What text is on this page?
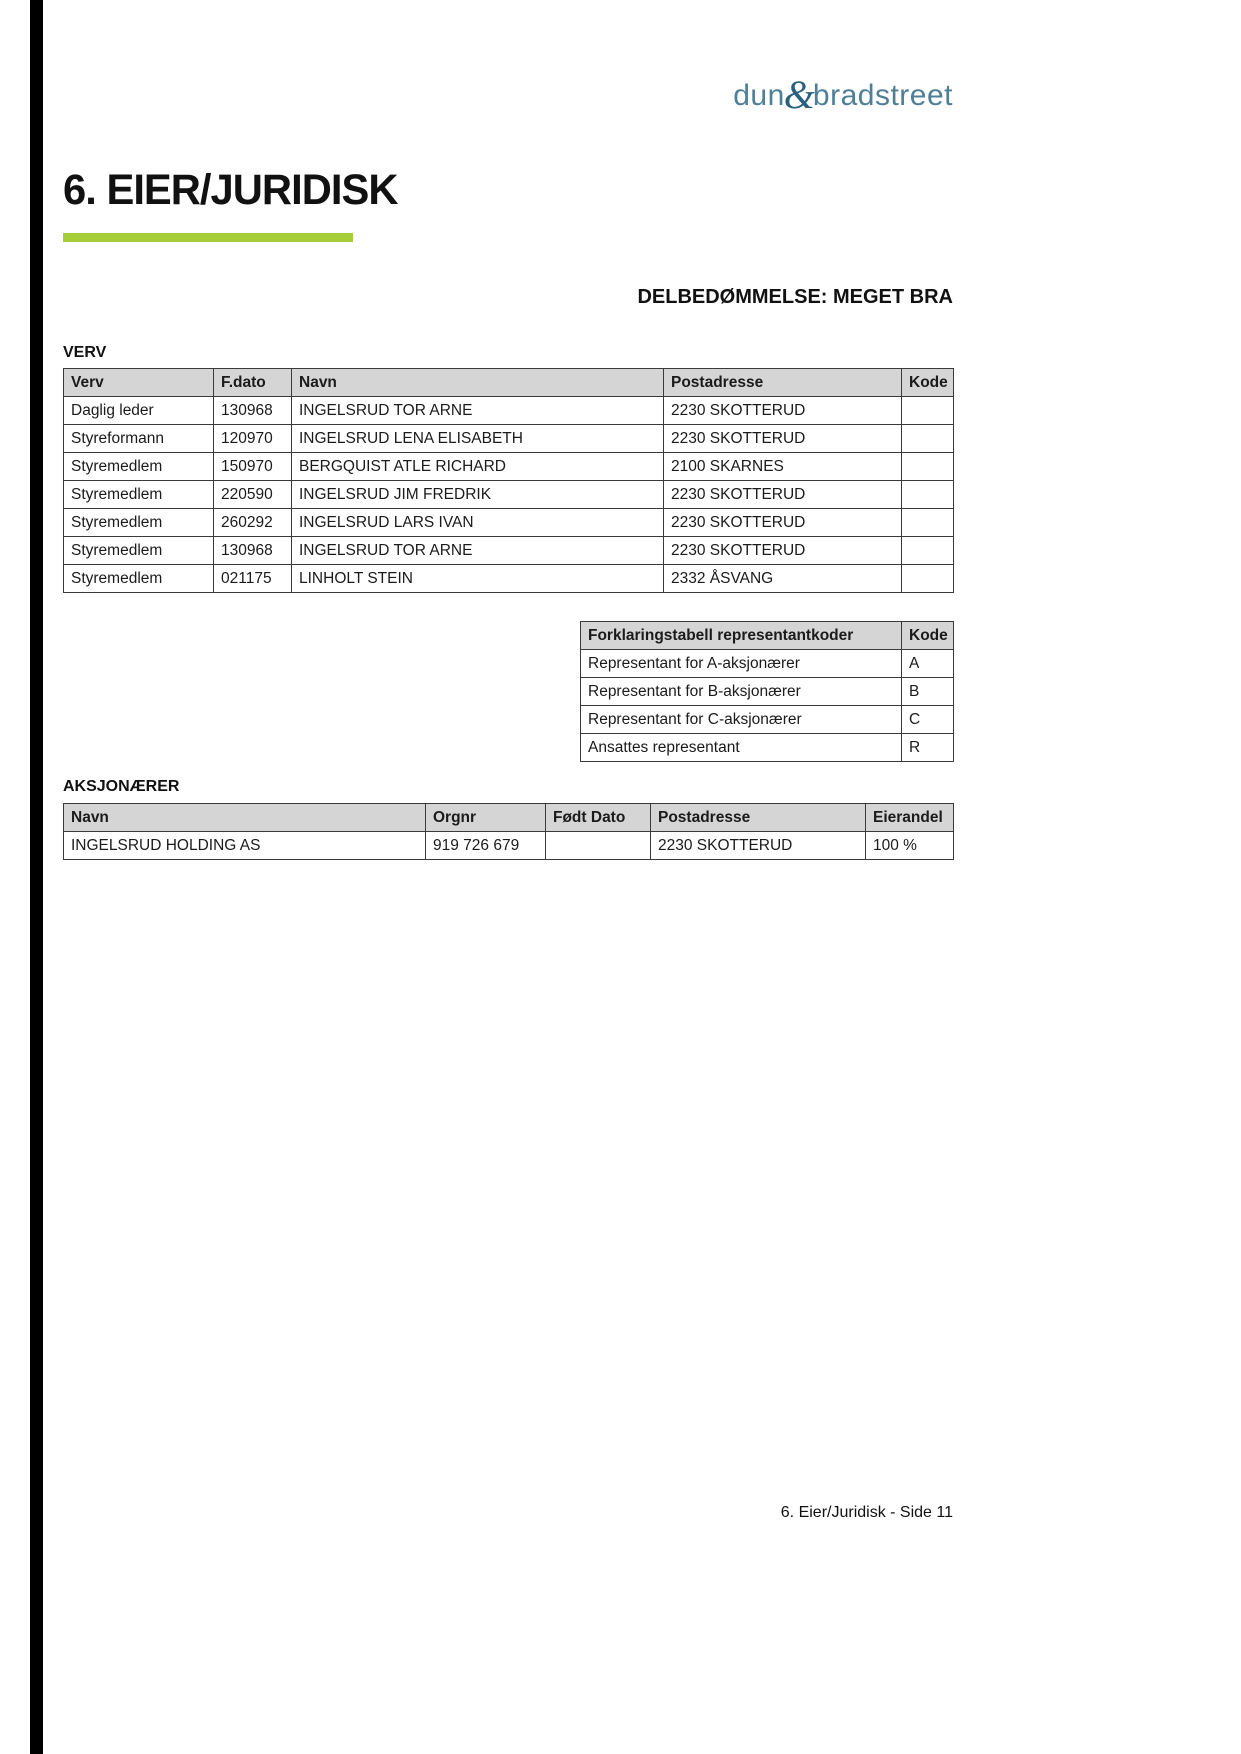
dun&bradstreet
6. EIER/JURIDISK
DELBEDØMMELSE: MEGET BRA
VERV
Verv	F.dato	Navn	Postadresse	Kode
Daglig leder	130968	INGELSRUD TOR ARNE	2230 SKOTTERUD	
Styreformann	120970	INGELSRUD LENA ELISABETH	2230 SKOTTERUD	
Styremedlem	150970	BERGQUIST ATLE RICHARD	2100 SKARNES	
Styremedlem	220590	INGELSRUD JIM FREDRIK	2230 SKOTTERUD	
Styremedlem	260292	INGELSRUD LARS IVAN	2230 SKOTTERUD	
Styremedlem	130968	INGELSRUD TOR ARNE	2230 SKOTTERUD	
Styremedlem	021175	LINHOLT STEIN	2332 ÅSVANG	
Forklaringstabell representantkoder	Kode
Representant for A-aksjonærer	A
Representant for B-aksjonærer	B
Representant for C-aksjonærer	C
Ansattes representant	R
AKSJONÆRER
Navn	Orgnr	Født Dato	Postadresse	Eierandel
INGELSRUD HOLDING AS	919 726 679		2230 SKOTTERUD	100 %
6. Eier/Juridisk - Side 11
